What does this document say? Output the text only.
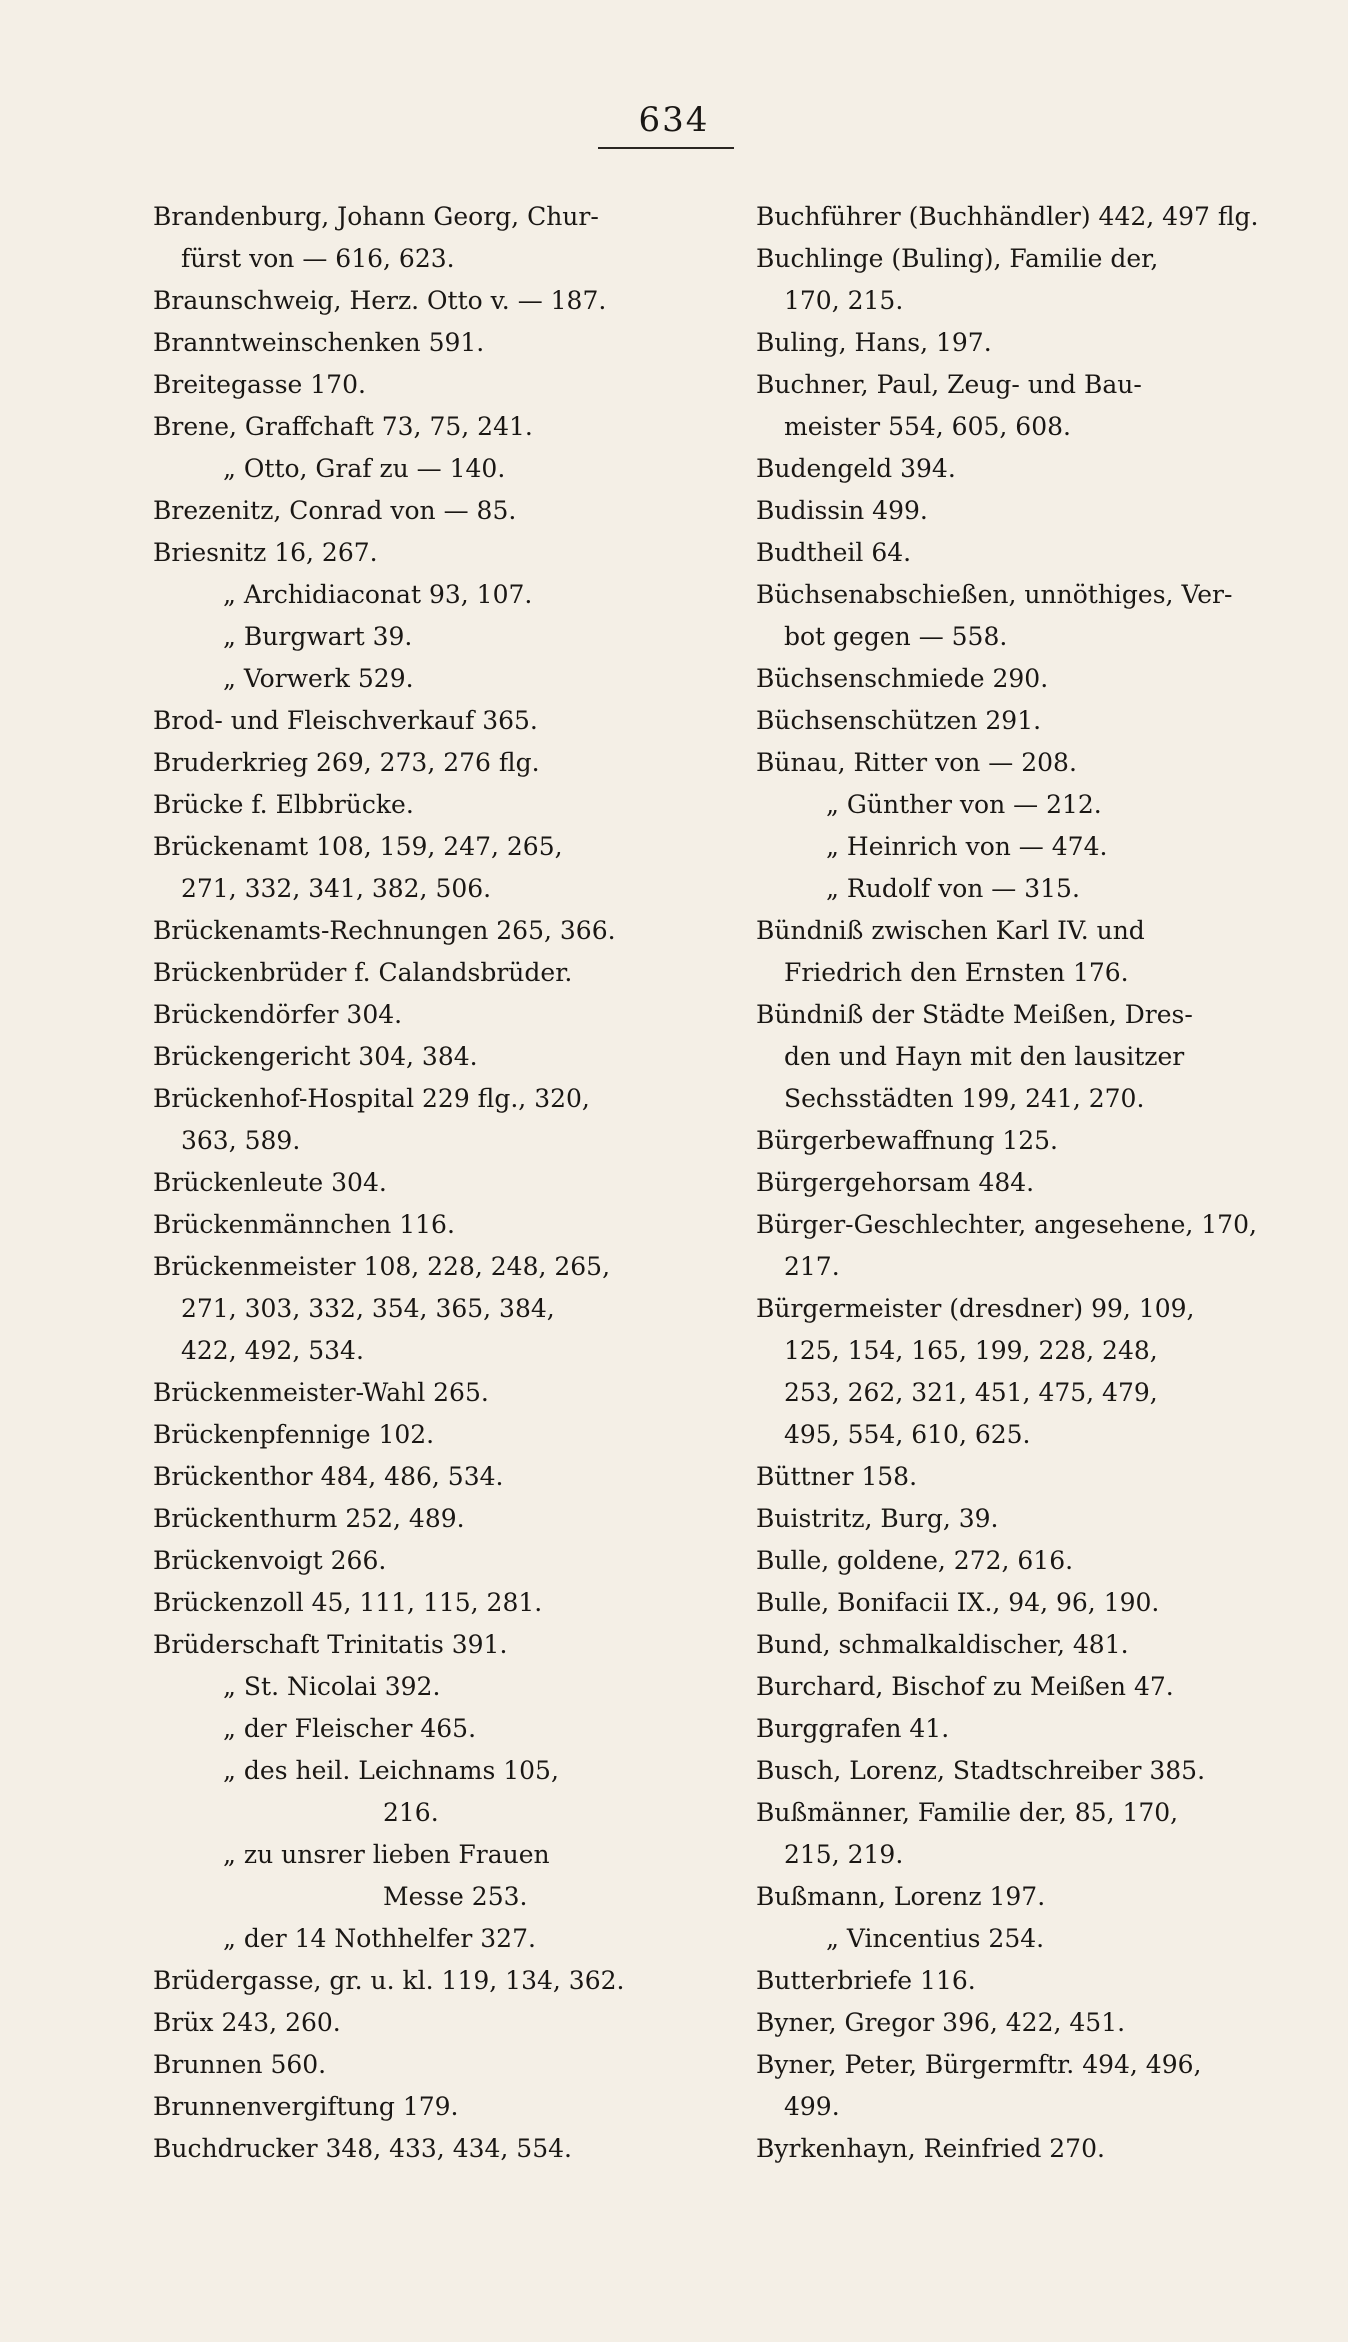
634
Brandenburg, Johann Georg, Chur-
fürst von — 616, 623.
Braunschweig, Herz. Otto v. — 187.
Branntweinschenken 591.
Breitegasse 170.
Brene, Graffchaft 73, 75, 241.
„ Otto, Graf zu — 140.
Brezenitz, Conrad von — 85.
Briesnitz 16, 267.
„ Archidiaconat 93, 107.
„ Burgwart 39.
„ Vorwerk 529.
Brod- und Fleischverkauf 365.
Bruderkrieg 269, 273, 276 flg.
Brücke f. Elbbrücke.
Brückenamt 108, 159, 247, 265,
271, 332, 341, 382, 506.
Brückenamts-Rechnungen 265, 366.
Brückenbrüder f. Calandsbrüder.
Brückendörfer 304.
Brückengericht 304, 384.
Brückenhof-Hospital 229 flg., 320,
363, 589.
Brückenleute 304.
Brückenmännchen 116.
Brückenmeister 108, 228, 248, 265,
271, 303, 332, 354, 365, 384,
422, 492, 534.
Brückenmeister-Wahl 265.
Brückenpfennige 102.
Brückenthor 484, 486, 534.
Brückenthurm 252, 489.
Brückenvoigt 266.
Brückenzoll 45, 111, 115, 281.
Brüderschaft Trinitatis 391.
„ St. Nicolai 392.
„ der Fleischer 465.
„ des heil. Leichnams 105,
216.
„ zu unsrer lieben Frauen
Messe 253.
„ der 14 Nothhelfer 327.
Brüdergasse, gr. u. kl. 119, 134, 362.
Brüx 243, 260.
Brunnen 560.
Brunnenvergiftung 179.
Buchdrucker 348, 433, 434, 554.
Buchführer (Buchhändler) 442, 497 flg.
Buchlinge (Buling), Familie der,
170, 215.
Buling, Hans, 197.
Buchner, Paul, Zeug- und Bau-
meister 554, 605, 608.
Budengeld 394.
Budissin 499.
Budtheil 64.
Büchsenabschießen, unnöthiges, Ver-
bot gegen — 558.
Büchsenschmiede 290.
Büchsenschützen 291.
Bünau, Ritter von — 208.
„ Günther von — 212.
„ Heinrich von — 474.
„ Rudolf von — 315.
Bündniß zwischen Karl IV. und
Friedrich den Ernsten 176.
Bündniß der Städte Meißen, Dres-
den und Hayn mit den lausitzer
Sechsstädten 199, 241, 270.
Bürgerbewaffnung 125.
Bürgergehorsam 484.
Bürger-Geschlechter, angesehene, 170,
217.
Bürgermeister (dresdner) 99, 109,
125, 154, 165, 199, 228, 248,
253, 262, 321, 451, 475, 479,
495, 554, 610, 625.
Büttner 158.
Buistritz, Burg, 39.
Bulle, goldene, 272, 616.
Bulle, Bonifacii IX., 94, 96, 190.
Bund, schmalkaldischer, 481.
Burchard, Bischof zu Meißen 47.
Burggrafen 41.
Busch, Lorenz, Stadtschreiber 385.
Bußmänner, Familie der, 85, 170,
215, 219.
Bußmann, Lorenz 197.
„ Vincentius 254.
Butterbriefe 116.
Byner, Gregor 396, 422, 451.
Byner, Peter, Bürgermftr. 494, 496,
499.
Byrkenhayn, Reinfried 270.
